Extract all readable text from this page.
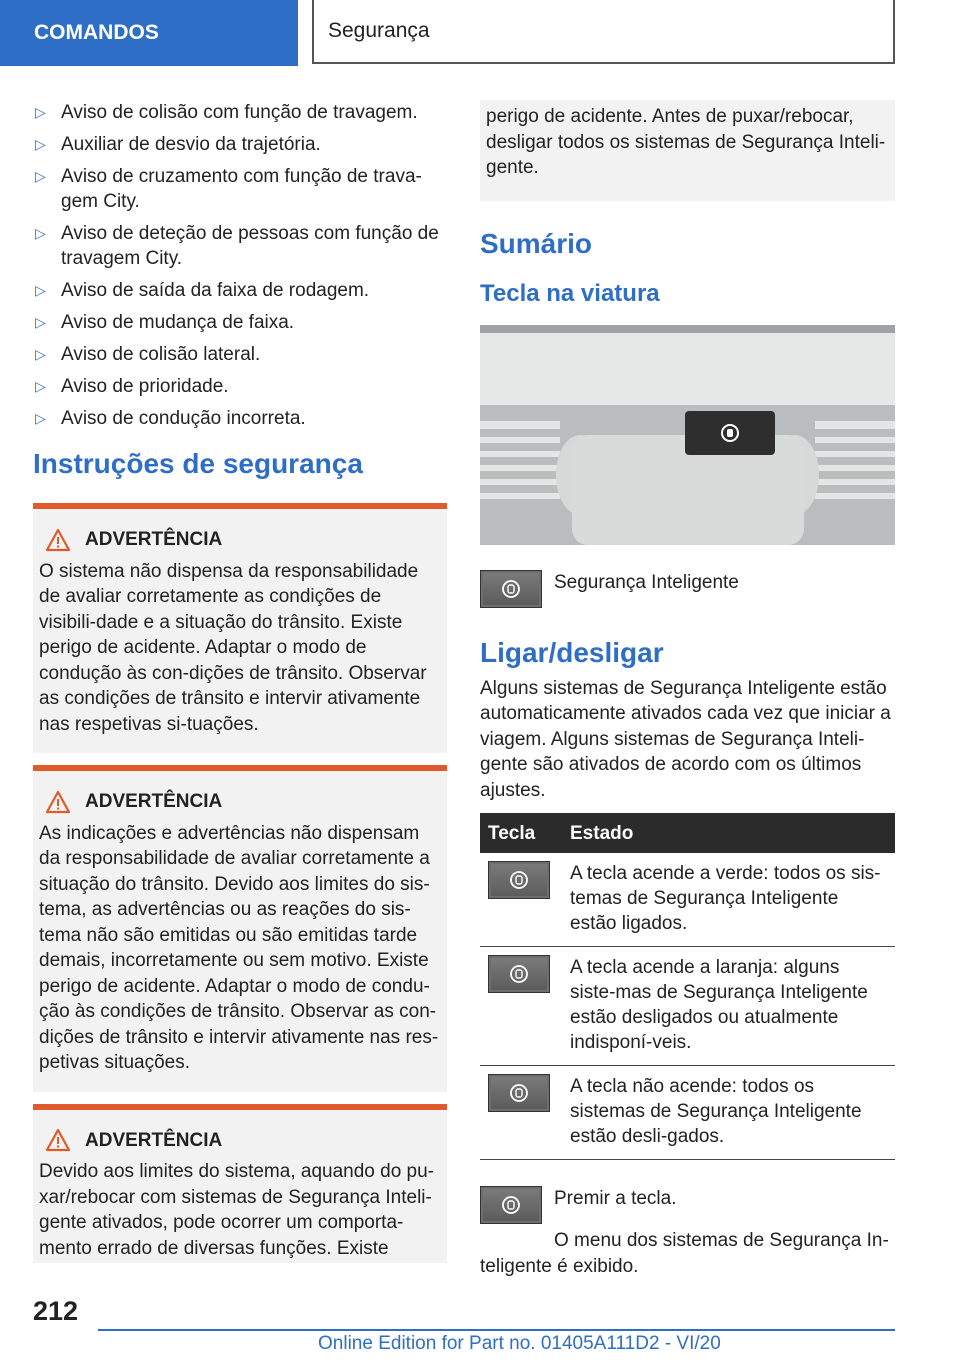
COMANDOS	Segurança
▷ Aviso de colisão com função de travagem.
▷ Auxiliar de desvio da trajetória.
▷ Aviso de cruzamento com função de trava-gem City.
▷ Aviso de deteção de pessoas com função de travagem City.
▷ Aviso de saída da faixa de rodagem.
▷ Aviso de mudança de faixa.
▷ Aviso de colisão lateral.
▷ Aviso de prioridade.
▷ Aviso de condução incorreta.
Instruções de segurança
ADVERTÊNCIA
O sistema não dispensa da responsabilidade de avaliar corretamente as condições de visibili-dade e a situação do trânsito. Existe perigo de acidente. Adaptar o modo de condução às con-dições de trânsito. Observar as condições de trânsito e intervir ativamente nas respetivas si-tuações.
ADVERTÊNCIA
As indicações e advertências não dispensam da responsabilidade de avaliar corretamente a situação do trânsito. Devido aos limites do sis-tema, as advertências ou as reações do sis-tema não são emitidas ou são emitidas tarde demais, incorretamente ou sem motivo. Existe perigo de acidente. Adaptar o modo de condu-ção às condições de trânsito. Observar as con-dições de trânsito e intervir ativamente nas res-petivas situações.
ADVERTÊNCIA
Devido aos limites do sistema, aquando do pu-xar/rebocar com sistemas de Segurança Inteli-gente ativados, pode ocorrer um comporta-mento errado de diversas funções. Existe
perigo de acidente. Antes de puxar/rebocar, desligar todos os sistemas de Segurança Inteli-gente.
Sumário
Tecla na viatura
Segurança Inteligente
Ligar/desligar

Alguns sistemas de Segurança Inteligente estão automaticamente ativados cada vez que iniciar a viagem. Alguns sistemas de Segurança Inteli-gente são ativados de acordo com os últimos ajustes.

Tecla	Estado

	A tecla acende a verde: todos os sis-temas de Segurança Inteligente estão ligados.

	A tecla acende a laranja: alguns siste-mas de Segurança Inteligente estão desligados ou atualmente indisponí-veis.

	A tecla não acende: todos os sistemas de Segurança Inteligente estão desli-gados.
Premir a tecla.

O menu dos sistemas de Segurança In-teligente é exibido.

212
Online Edition for Part no. 01405A111D2 - VI/20
